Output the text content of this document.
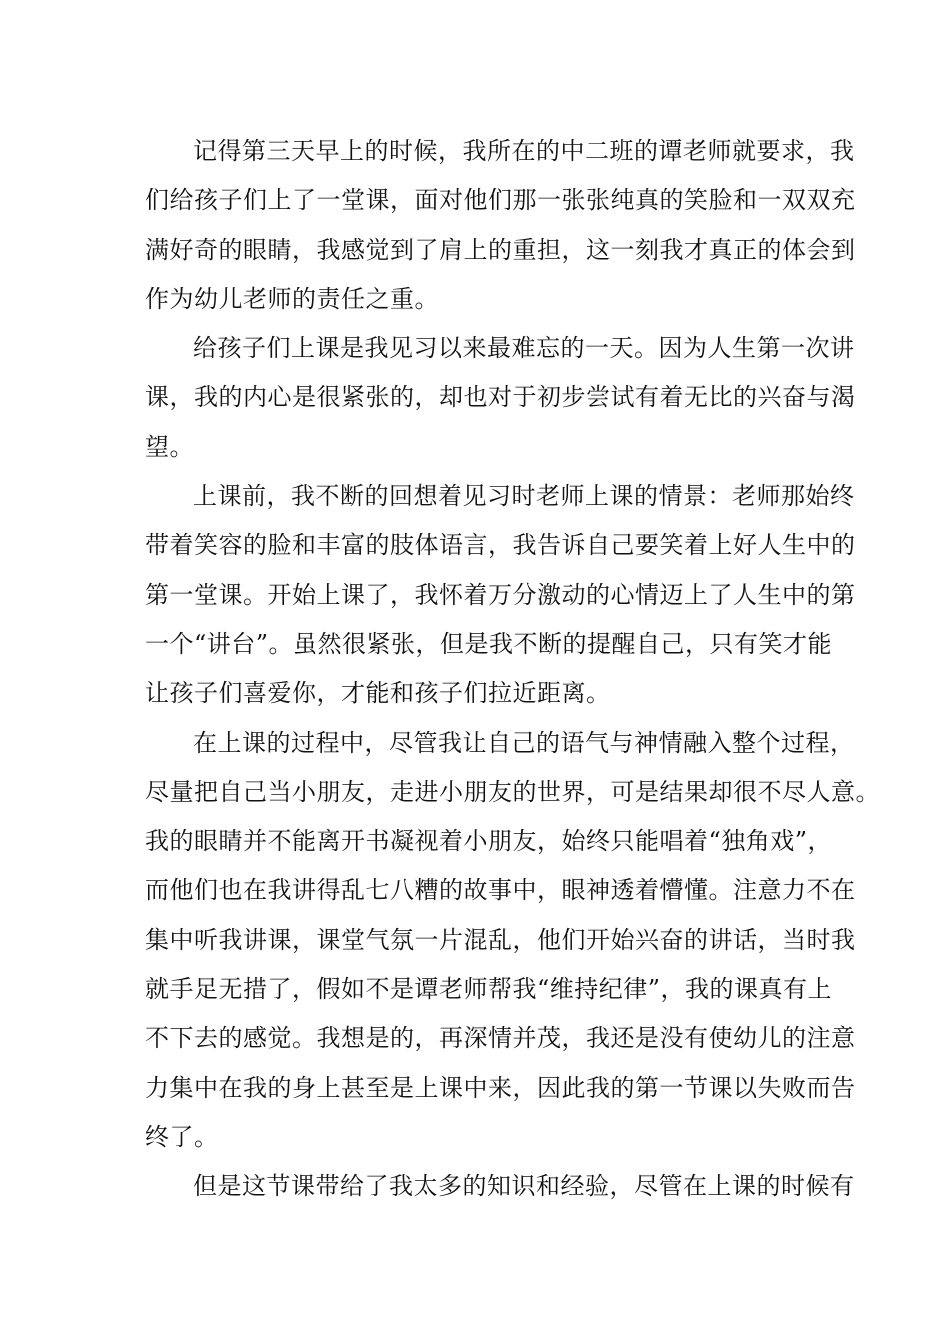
记得第三天早上的时候，我所在的中二班的谭老师就要求，我
们给孩子们上了一堂课，面对他们那一张张纯真的笑脸和一双双充
满好奇的眼睛，我感觉到了肩上的重担，这一刻我才真正的体会到
作为幼儿老师的责任之重。
给孩子们上课是我见习以来最难忘的一天。因为人生第一次讲
课，我的内心是很紧张的，却也对于初步尝试有着无比的兴奋与渴
望。
上课前，我不断的回想着见习时老师上课的情景：老师那始终
带着笑容的脸和丰富的肢体语言，我告诉自己要笑着上好人生中的
第一堂课。开始上课了，我怀着万分激动的心情迈上了人生中的第
一个“讲台”。虽然很紧张，但是我不断的提醒自己，只有笑才能
让孩子们喜爱你，才能和孩子们拉近距离。
在上课的过程中，尽管我让自己的语气与神情融入整个过程，
尽量把自己当小朋友，走进小朋友的世界，可是结果却很不尽人意。
我的眼睛并不能离开书凝视着小朋友，始终只能唱着“独角戏”，
而他们也在我讲得乱七八糟的故事中，眼神透着懵懂。注意力不在
集中听我讲课，课堂气氛一片混乱，他们开始兴奋的讲话，当时我
就手足无措了，假如不是谭老师帮我“维持纪律”，我的课真有上
不下去的感觉。我想是的，再深情并茂，我还是没有使幼儿的注意
力集中在我的身上甚至是上课中来，因此我的第一节课以失败而告
终了。
但是这节课带给了我太多的知识和经验，尽管在上课的时候有
